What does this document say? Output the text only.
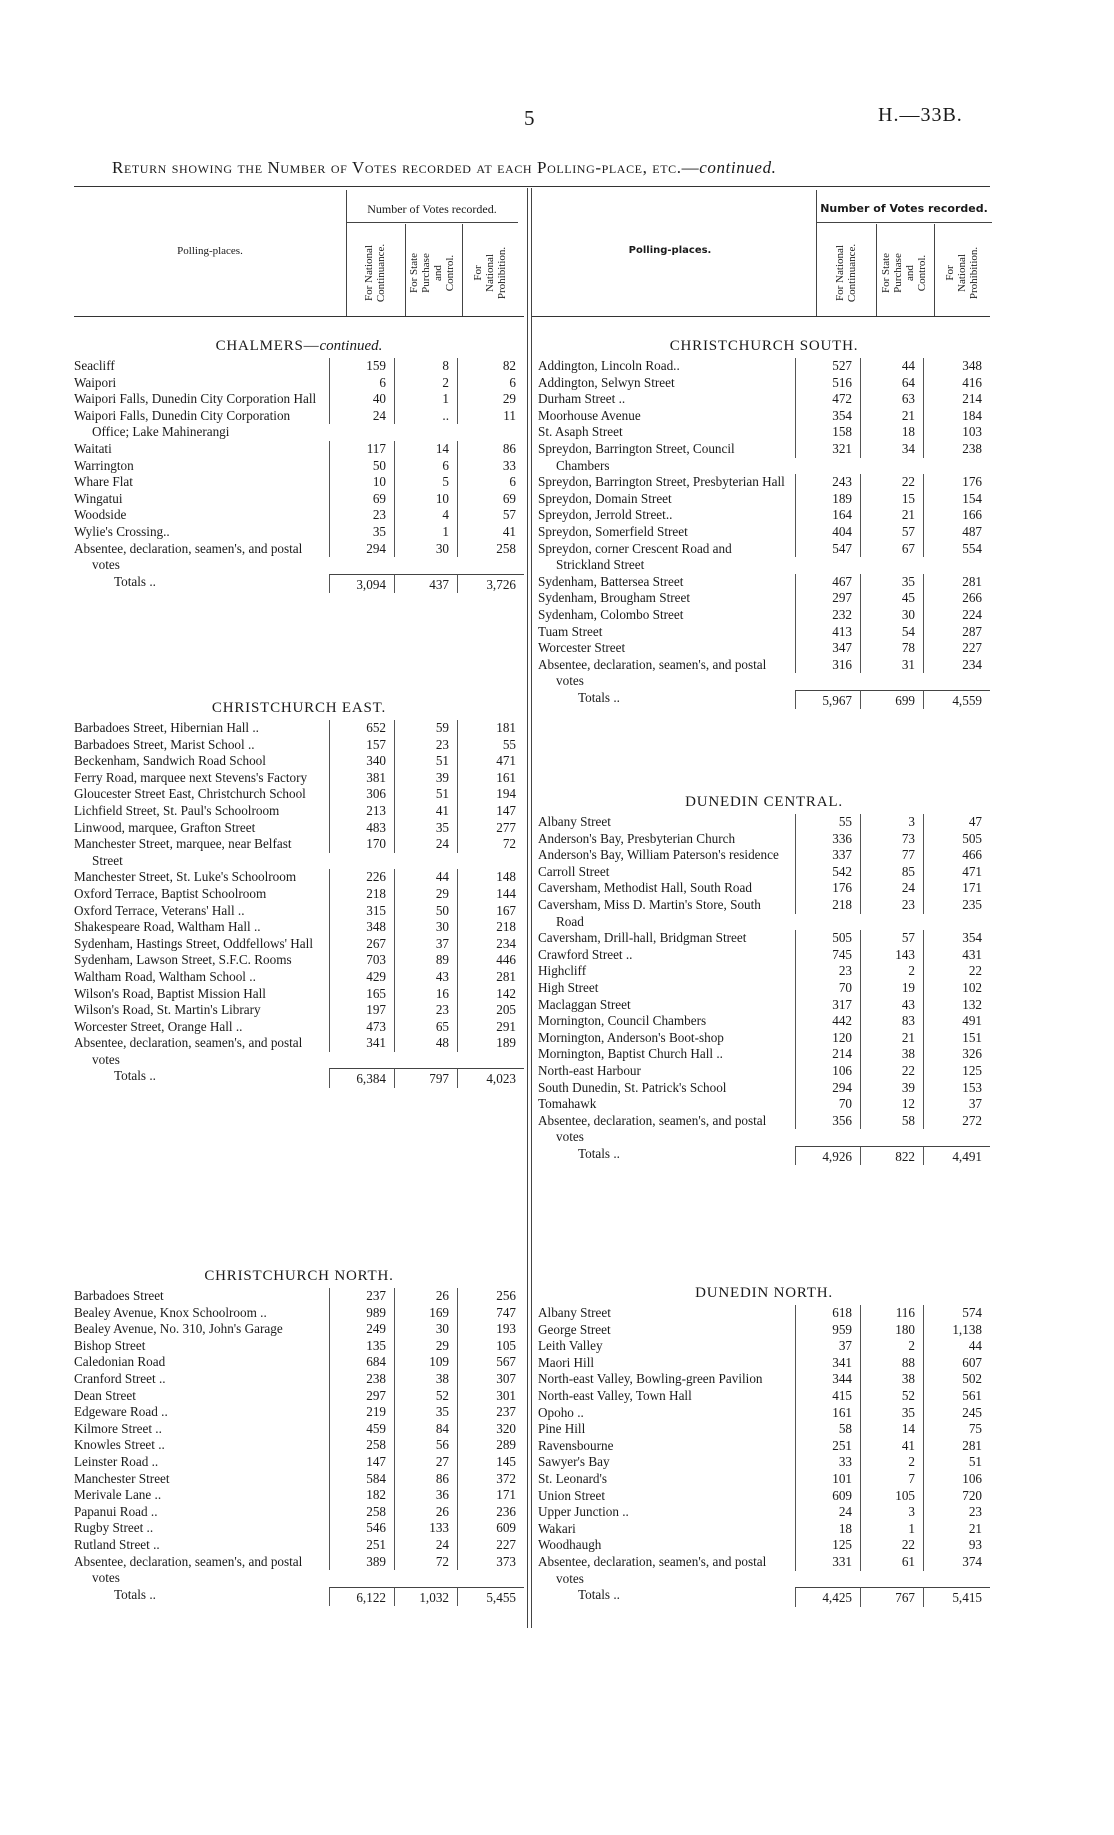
5	H.—33B.
Return showing the Number of Votes recorded at each Polling-place, etc.—continued.
Polling-places.
Number of Votes recorded.
For National Continuance. For State Purchase and Control. For National Prohibition.	Polling-places.
Number of Votes recorded.
For National Continuance. For State Purchase and Control. For National Prohibition.
CHALMERS—continued.
Seacliff	159	8	82
Waipori	6	2	6
Waipori Falls, Dunedin City Corporation Hall	40	1	29
Waipori Falls, Dunedin City Corporation Office; Lake Mahinerangi
24	..	11
Waitati	117	14	86
Warrington	50	6	33
Whare Flat	10	5	6
Wingatui	69	10	69
Woodside	23	4	57
Wylie's Crossing..	35	1	41
Absentee, declaration, seamen's, and postal votes
294	30	258
Totals ..	3,094	437	3,726
CHRISTCHURCH EAST.
Barbadoes Street, Hibernian Hall ..	652	59	181
Barbadoes Street, Marist School ..	157	23	55
Beckenham, Sandwich Road School	340	51	471
Ferry Road, marquee next Stevens's Factory	381	39	161
Gloucester Street East, Christchurch School	306	51	194
Lichfield Street, St. Paul's Schoolroom	213	41	147
Linwood, marquee, Grafton Street	483	35	277
Manchester Street, marquee, near Belfast Street
170	24	72
Manchester Street, St. Luke's Schoolroom	226	44	148
Oxford Terrace, Baptist Schoolroom	218	29	144
Oxford Terrace, Veterans' Hall ..	315	50	167
Shakespeare Road, Waltham Hall ..	348	30	218
Sydenham, Hastings Street, Oddfellows' Hall	267	37	234
Sydenham, Lawson Street, S.F.C. Rooms	703	89	446
Waltham Road, Waltham School ..	429	43	281
Wilson's Road, Baptist Mission Hall	165	16	142
Wilson's Road, St. Martin's Library	197	23	205
Worcester Street, Orange Hall ..	473	65	291
Absentee, declaration, seamen's, and postal votes
341	48	189
Totals ..	6,384	797	4,023
CHRISTCHURCH NORTH.
Barbadoes Street	237	26	256
Bealey Avenue, Knox Schoolroom ..	989	169	747
Bealey Avenue, No. 310, John's Garage	249	30	193
Bishop Street	135	29	105
Caledonian Road	684	109	567
Cranford Street ..	238	38	307
Dean Street	297	52	301
Edgeware Road ..	219	35	237
Kilmore Street ..	459	84	320
Knowles Street ..	258	56	289
Leinster Road ..	147	27	145
Manchester Street	584	86	372
Merivale Lane ..	182	36	171
Papanui Road ..	258	26	236
Rugby Street ..	546	133	609
Rutland Street ..	251	24	227
Absentee, declaration, seamen's, and postal votes
389	72	373
Totals ..	6,122	1,032	5,455
CHRISTCHURCH SOUTH.
Addington, Lincoln Road..	527	44	348
Addington, Selwyn Street	516	64	416
Durham Street ..	472	63	214
Moorhouse Avenue	354	21	184
St. Asaph Street	158	18	103
Spreydon, Barrington Street, Council Chambers
321	34	238
Spreydon, Barrington Street, Presbyterian Hall	243	22	176
Spreydon, Domain Street	189	15	154
Spreydon, Jerrold Street..	164	21	166
Spreydon, Somerfield Street	404	57	487
Spreydon, corner Crescent Road and Strickland Street
547	67	554
Sydenham, Battersea Street	467	35	281
Sydenham, Brougham Street	297	45	266
Sydenham, Colombo Street	232	30	224
Tuam Street	413	54	287
Worcester Street	347	78	227
Absentee, declaration, seamen's, and postal votes
316	31	234
Totals ..	5,967	699	4,559
DUNEDIN CENTRAL.
Albany Street	55	3	47
Anderson's Bay, Presbyterian Church	336	73	505
Anderson's Bay, William Paterson's residence	337	77	466
Carroll Street	542	85	471
Caversham, Methodist Hall, South Road	176	24	171
Caversham, Miss D. Martin's Store, South Road
218	23	235
Caversham, Drill-hall, Bridgman Street	505	57	354
Crawford Street ..	745	143	431
Highcliff	23	2	22
High Street	70	19	102
Maclaggan Street	317	43	132
Mornington, Council Chambers	442	83	491
Mornington, Anderson's Boot-shop	120	21	151
Mornington, Baptist Church Hall ..	214	38	326
North-east Harbour	106	22	125
South Dunedin, St. Patrick's School	294	39	153
Tomahawk	70	12	37
Absentee, declaration, seamen's, and postal votes
356	58	272
Totals ..	4,926	822	4,491
DUNEDIN NORTH.
Albany Street	618	116	574
George Street	959	180	1,138
Leith Valley	37	2	44
Maori Hill	341	88	607
North-east Valley, Bowling-green Pavilion	344	38	502
North-east Valley, Town Hall	415	52	561
Opoho ..	161	35	245
Pine Hill	58	14	75
Ravensbourne	251	41	281
Sawyer's Bay	33	2	51
St. Leonard's	101	7	106
Union Street	609	105	720
Upper Junction ..	24	3	23
Wakari	18	1	21
Woodhaugh	125	22	93
Absentee, declaration, seamen's, and postal votes
331	61	374
Totals ..	4,425	767	5,415
